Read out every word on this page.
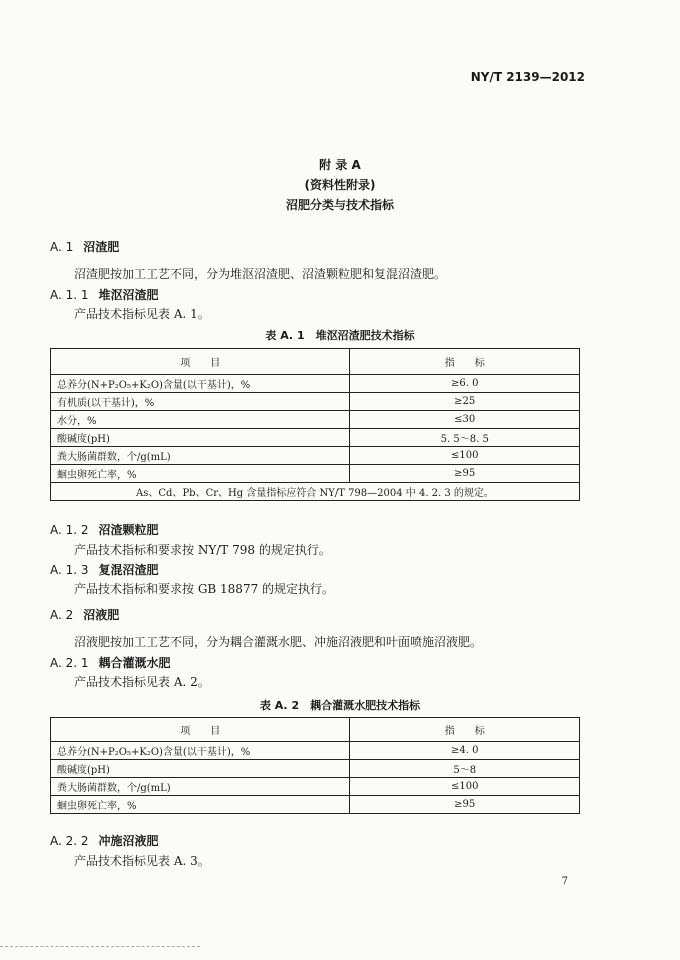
NY/T 2139—2012
附 录 A
(资料性附录)
沼肥分类与技术指标
A. 1 沼渣肥
沼渣肥按加工工艺不同，分为堆沤沼渣肥、沼渣颗粒肥和复混沼渣肥。
A. 1. 1 堆沤沼渣肥
产品技术指标见表 A. 1。
表 A. 1　堆沤沼渣肥技术指标
项　　目	指　　标
总养分(N+P₂O₅+K₂O)含量(以干基计)，%	≥6. 0
有机质(以干基计)，%	≥25
水分，%	≤30
酸碱度(pH)	5. 5～8. 5
粪大肠菌群数，个/g(mL)	≤100
蛔虫卵死亡率，%	≥95
As、Cd、Pb、Cr、Hg 含量指标应符合 NY/T 798—2004 中 4. 2. 3 的规定。	
A. 1. 2 沼渣颗粒肥
产品技术指标和要求按 NY/T 798 的规定执行。
A. 1. 3 复混沼渣肥
产品技术指标和要求按 GB 18877 的规定执行。
A. 2 沼液肥
沼液肥按加工工艺不同，分为耦合灌溉水肥、冲施沼液肥和叶面喷施沼液肥。
A. 2. 1 耦合灌溉水肥
产品技术指标见表 A. 2。
表 A. 2　耦合灌溉水肥技术指标
项　　目	指　　标
总养分(N+P₂O₅+K₂O)含量(以干基计)，%	≥4. 0
酸碱度(pH)	5～8
粪大肠菌群数，个/g(mL)	≤100
蛔虫卵死亡率，%	≥95
A. 2. 2 冲施沼液肥
产品技术指标见表 A. 3。
7
